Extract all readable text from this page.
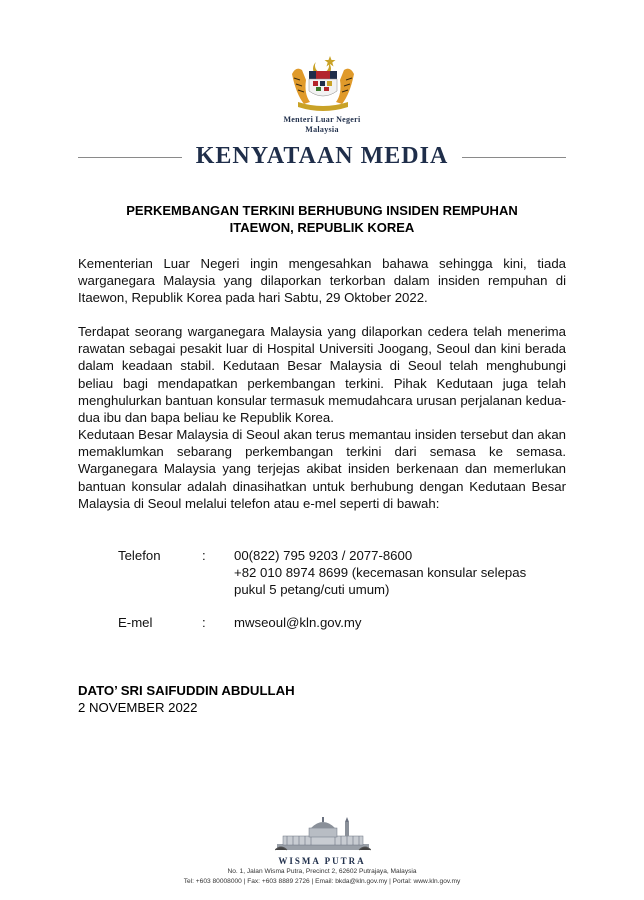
Menteri Luar Negeri
Malaysia
KENYATAAN MEDIA
PERKEMBANGAN TERKINI BERHUBUNG INSIDEN REMPUHAN
ITAEWON, REPUBLIK KOREA
Kementerian Luar Negeri ingin mengesahkan bahawa sehingga kini, tiada warganegara Malaysia yang dilaporkan terkorban dalam insiden rempuhan di Itaewon, Republik Korea pada hari Sabtu, 29 Oktober 2022.
Terdapat seorang warganegara Malaysia yang dilaporkan cedera telah menerima rawatan sebagai pesakit luar di Hospital Universiti Joogang, Seoul dan kini berada dalam keadaan stabil. Kedutaan Besar Malaysia di Seoul telah menghubungi beliau bagi mendapatkan perkembangan terkini. Pihak Kedutaan juga telah menghulurkan bantuan konsular termasuk memudahcara urusan perjalanan kedua-dua ibu dan bapa beliau ke Republik Korea.
Kedutaan Besar Malaysia di Seoul akan terus memantau insiden tersebut dan akan memaklumkan sebarang perkembangan terkini dari semasa ke semasa. Warganegara Malaysia yang terjejas akibat insiden berkenaan dan memerlukan bantuan konsular adalah dinasihatkan untuk berhubung dengan Kedutaan Besar Malaysia di Seoul melalui telefon atau e-mel seperti di bawah:
Telefon	: 00(822) 795 9203 / 2077-8600
+82 010 8974 8699 (kecemasan konsular selepas
pukul 5 petang/cuti umum)
E-mel	: mwseoul@kln.gov.my
DATO’ SRI SAIFUDDIN ABDULLAH
2 NOVEMBER 2022
WISMA PUTRA
No. 1, Jalan Wisma Putra, Precinct 2, 62602 Putrajaya, Malaysia
Tel: +603 80008000 | Fax: +603 8889 2726 | Email: bkda@kln.gov.my | Portal: www.kln.gov.my
